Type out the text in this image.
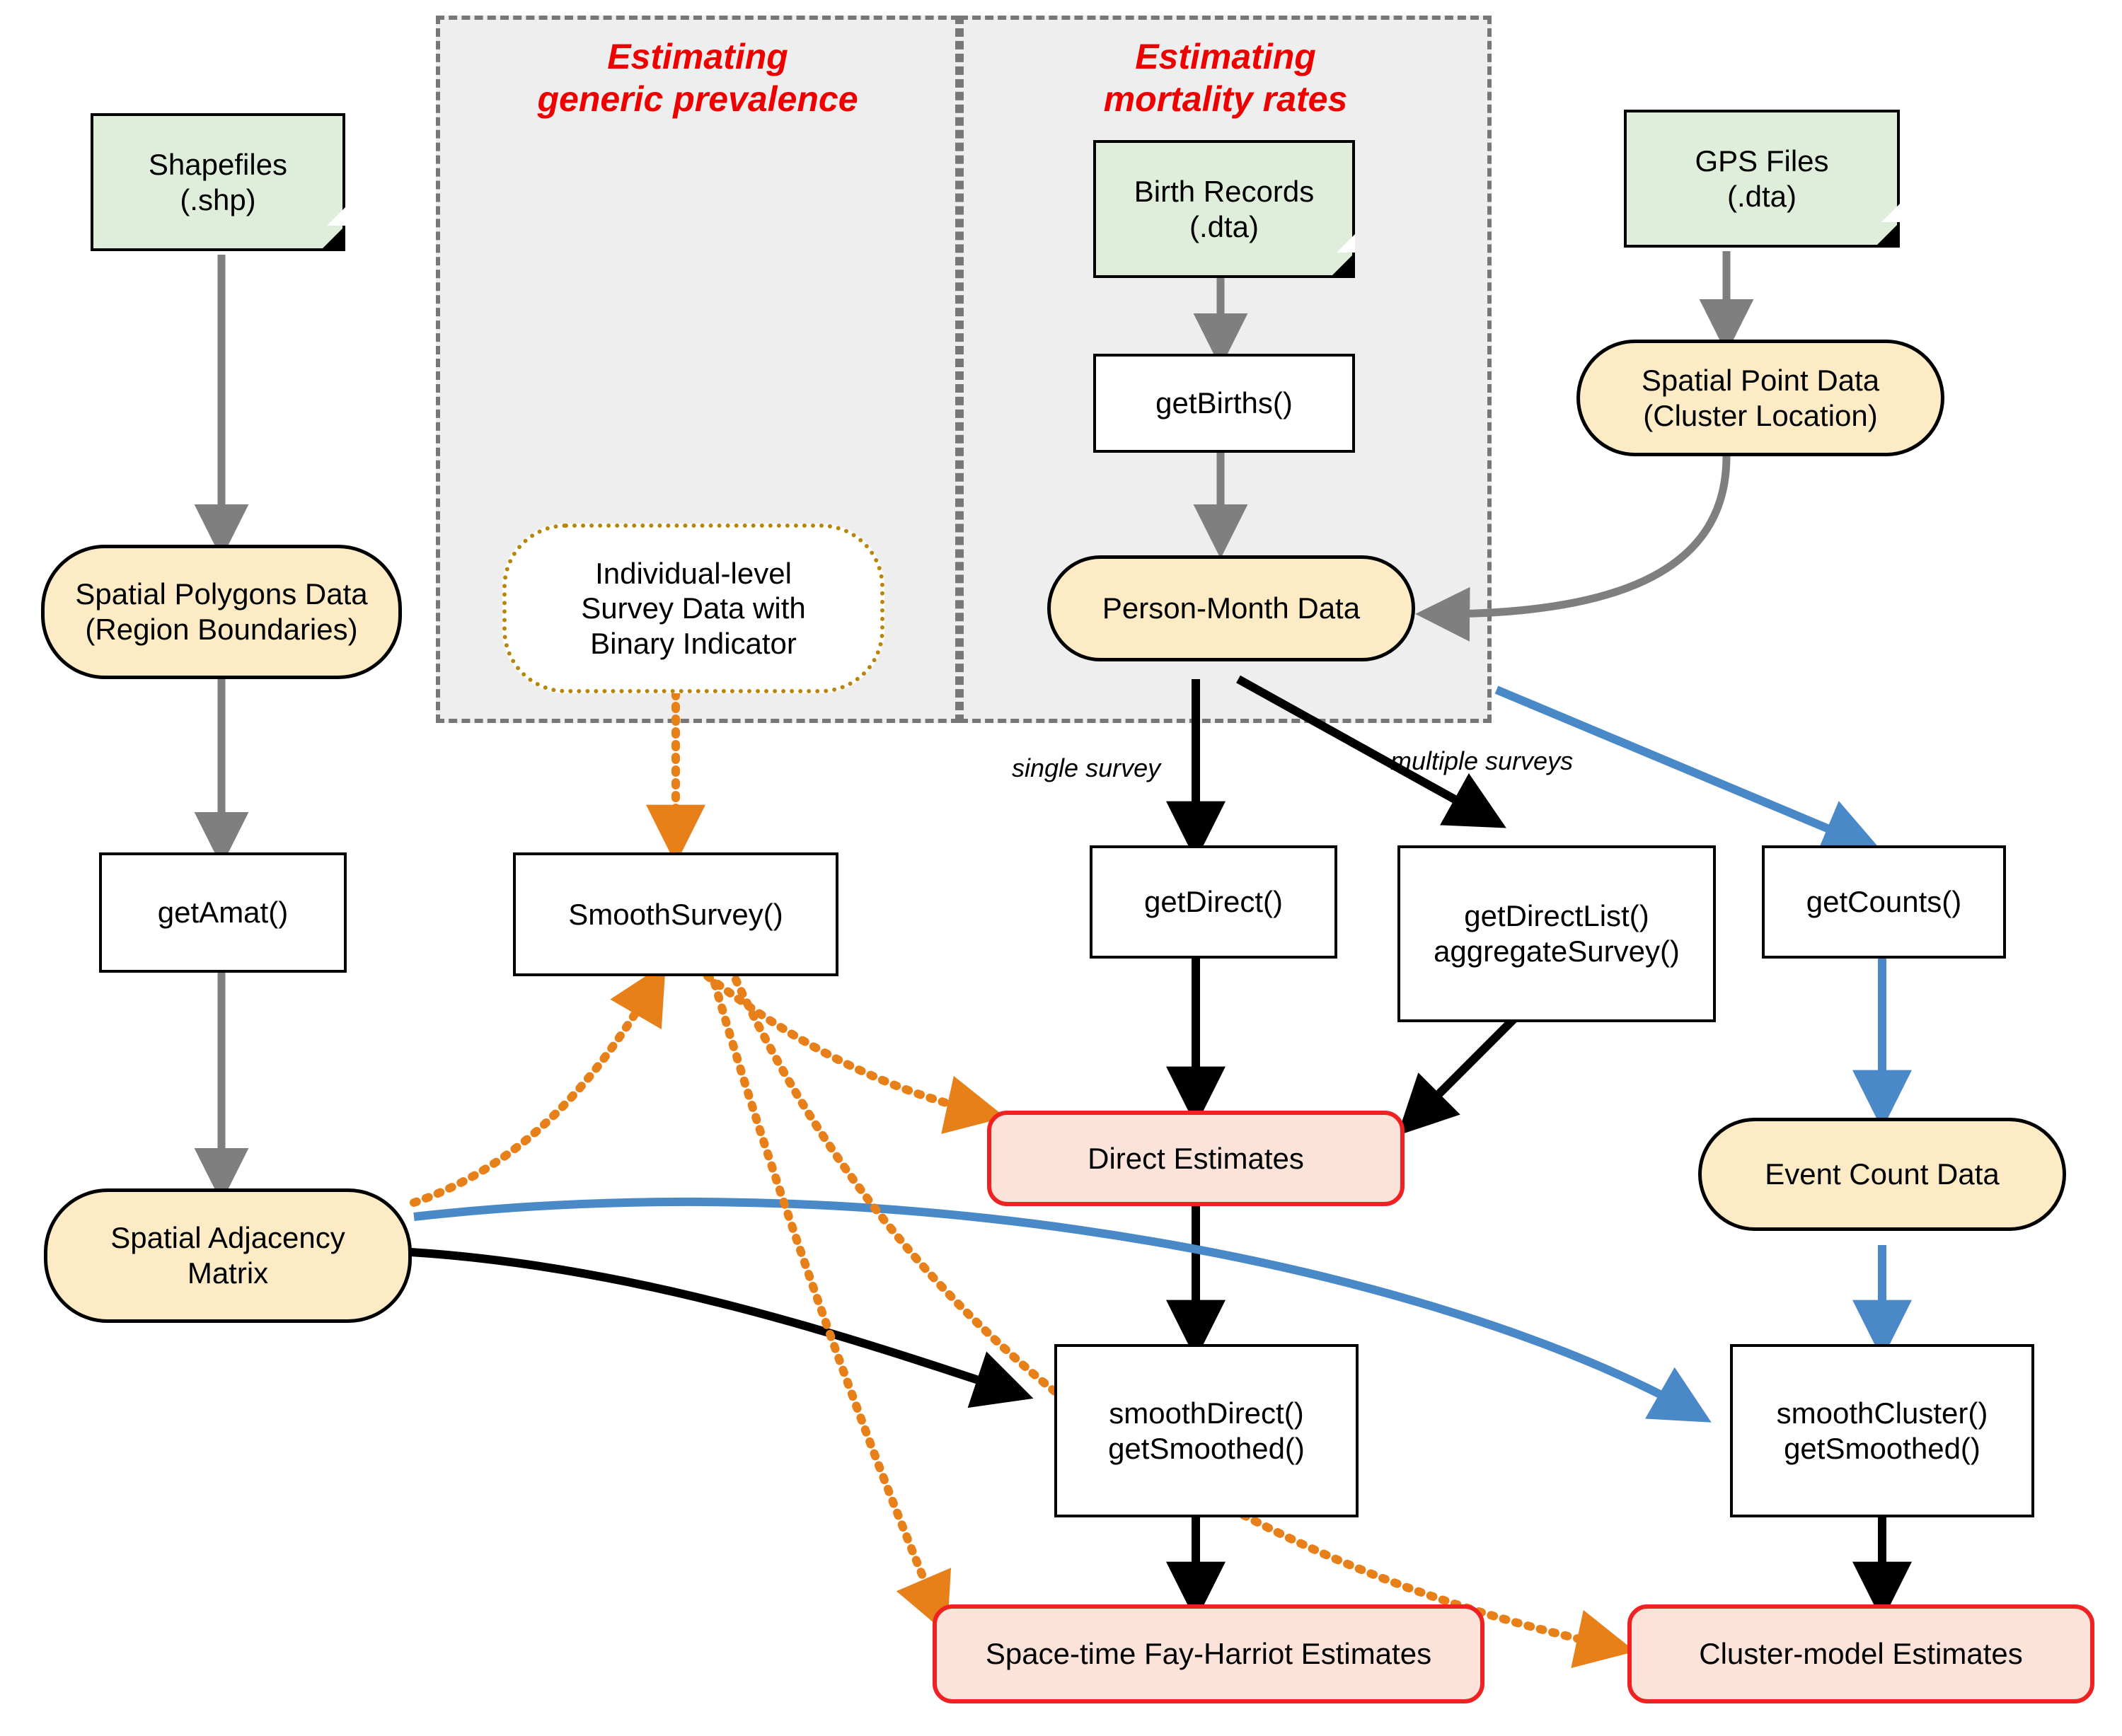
Estimating
generic prevalence
Estimating
mortality rates
Shapefiles
(.shp)	Birth Records
(.dta)
GPS Files
(.dta)
Spatial Polygons Data
(Region Boundaries)
Spatial Point Data
(Cluster Location)
Person-Month Data
Event Count Data
Spatial Adjacency
Matrix
Individual-level
Survey Data with
Binary Indicator
getBirths()
getAmat()	SmoothSurvey()	getDirect()	getDirectList()
aggregateSurvey()
getCounts()
smoothDirect()
getSmoothed()
smoothCluster()
getSmoothed()
Direct Estimates
Space-time Fay-Harriot Estimates	Cluster-model Estimates
single survey	multiple surveys
